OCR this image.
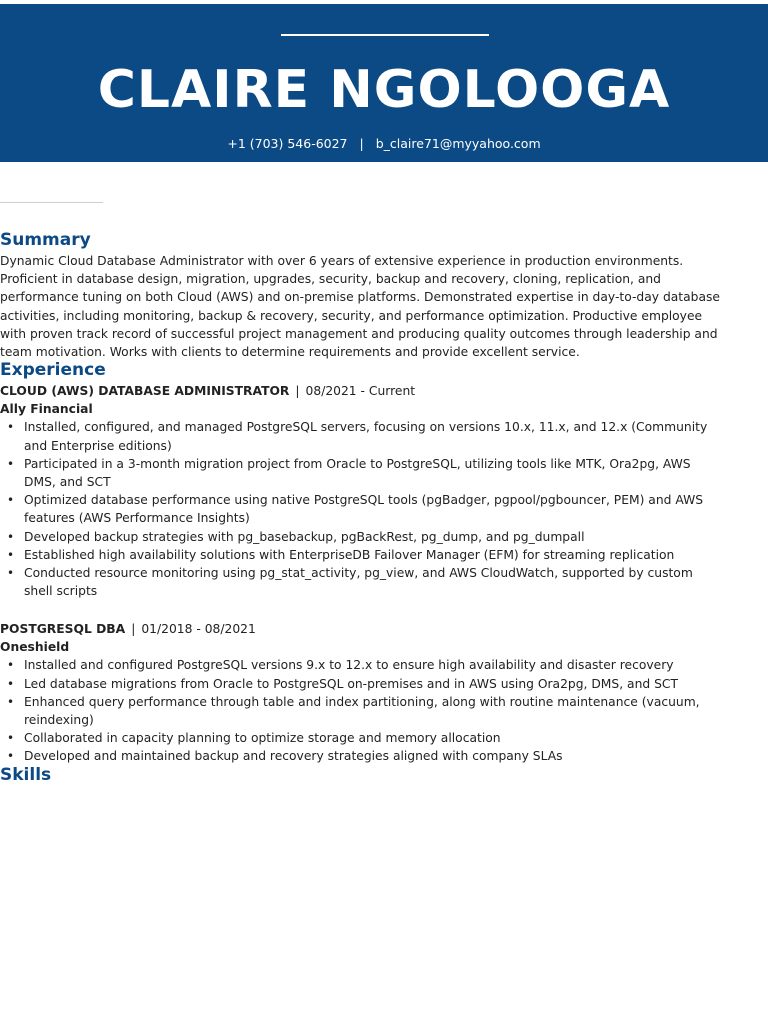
CLAIRE NGOLOOGA
+1 (703) 546-6027 | b_claire71@myyahoo.com
Summary

Dynamic Cloud Database Administrator with over 6 years of extensive experience in production environments. Proficient in database design, migration, upgrades, security, backup and recovery, cloning, replication, and performance tuning on both Cloud (AWS) and on-premise platforms. Demonstrated expertise in day-to-day database activities, including monitoring, backup & recovery, security, and performance optimization. Productive employee with proven track record of successful project management and producing quality outcomes through leadership and team motivation. Works with clients to determine requirements and provide excellent service.

Experience
CLOUD (AWS) DATABASE ADMINISTRATOR | 08/2021 - Current
Ally Financial
• Installed, configured, and managed PostgreSQL servers, focusing on versions 10.x, 11.x, and 12.x (Community and Enterprise editions)
• Participated in a 3-month migration project from Oracle to PostgreSQL, utilizing tools like MTK, Ora2pg, AWS DMS, and SCT
• Optimized database performance using native PostgreSQL tools (pgBadger, pgpool/pgbouncer, PEM) and AWS features (AWS Performance Insights)
• Developed backup strategies with pg_basebackup, pgBackRest, pg_dump, and pg_dumpall
• Established high availability solutions with EnterpriseDB Failover Manager (EFM) for streaming replication
• Conducted resource monitoring using pg_stat_activity, pg_view, and AWS CloudWatch, supported by custom shell scripts
POSTGRESQL DBA | 01/2018 - 08/2021
Oneshield
• Installed and configured PostgreSQL versions 9.x to 12.x to ensure high availability and disaster recovery
• Led database migrations from Oracle to PostgreSQL on-premises and in AWS using Ora2pg, DMS, and SCT
• Enhanced query performance through table and index partitioning, along with routine maintenance (vacuum, reindexing)
• Collaborated in capacity planning to optimize storage and memory allocation
• Developed and maintained backup and recovery strategies aligned with company SLAs
Skills
